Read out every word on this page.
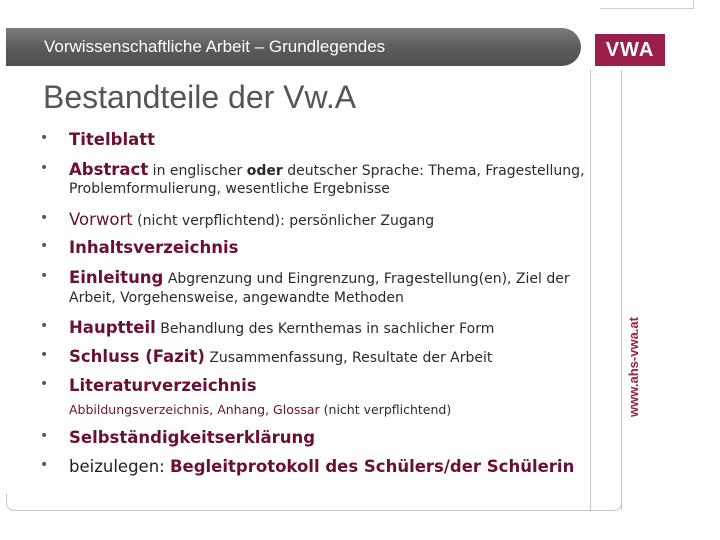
Vorwissenschaftliche Arbeit – Grundlegendes	VWA
Bestandteile der Vw.A
• Titelblatt
• Abstract in englischer oder deutscher Sprache: Thema, Fragestellung,
Problemformulierung, wesentliche Ergebnisse
• Vorwort (nicht verpflichtend): persönlicher Zugang
• Inhaltsverzeichnis
• Einleitung Abgrenzung und Eingrenzung, Fragestellung(en), Ziel der
Arbeit, Vorgehensweise, angewandte Methoden
• Hauptteil Behandlung des Kernthemas in sachlicher Form
• Schluss (Fazit) Zusammenfassung, Resultate der Arbeit
• Literaturverzeichnis
Abbildungsverzeichnis, Anhang, Glossar (nicht verpflichtend)
• Selbständigkeitserklärung
• beizulegen: Begleitprotokoll des Schülers/der Schülerin
www.ahs-vwa.at
